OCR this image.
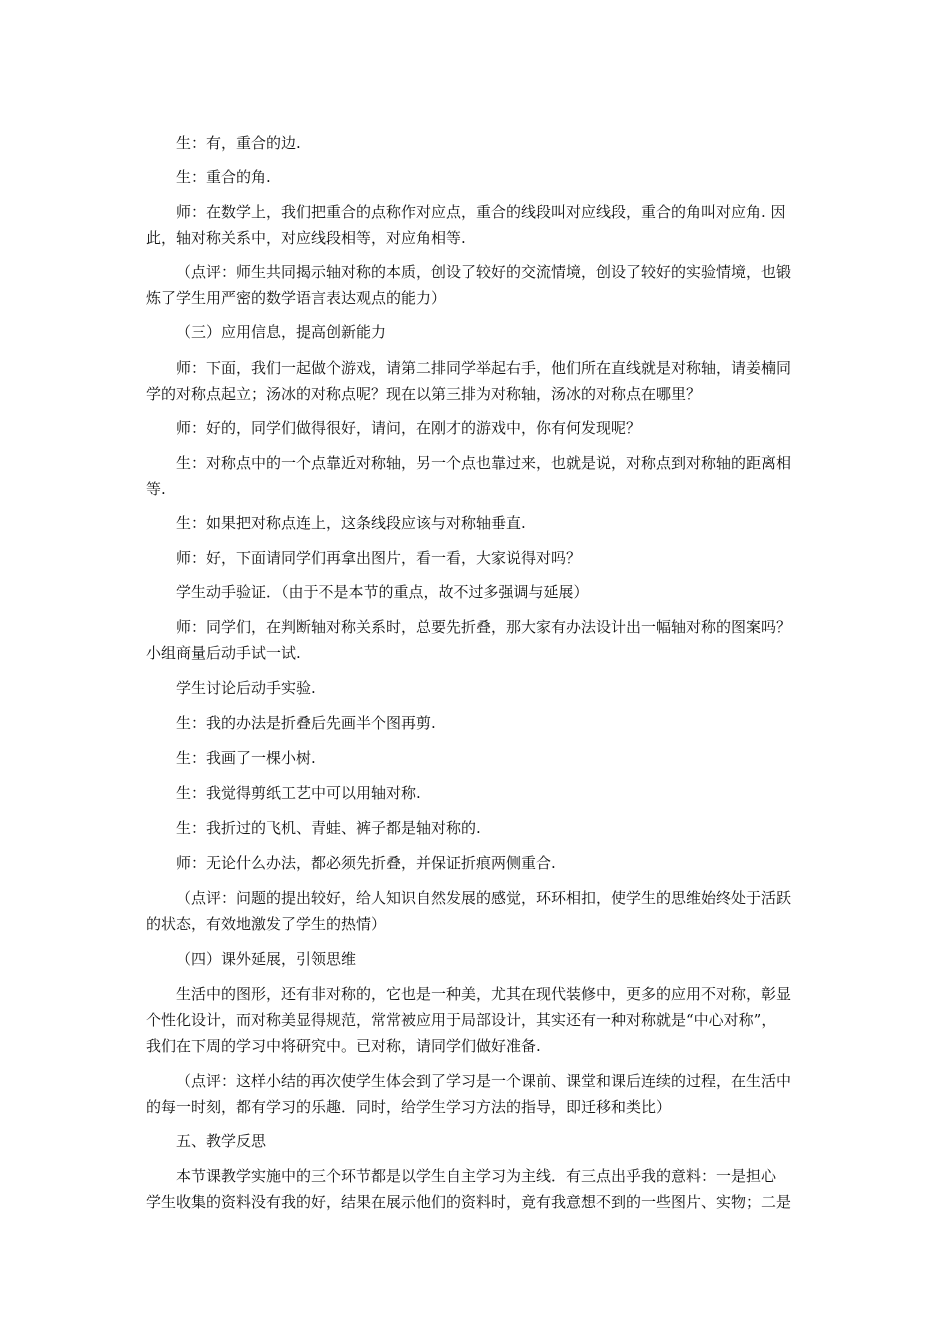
生：有，重合的边.
生：重合的角.
师：在数学上，我们把重合的点称作对应点，重合的线段叫对应线段，重合的角叫对应角. 因
此，轴对称关系中，对应线段相等，对应角相等.
（点评：师生共同揭示轴对称的本质，创设了较好的交流情境，创设了较好的实验情境，也锻
炼了学生用严密的数学语言表达观点的能力）
（三）应用信息，提高创新能力
师：下面，我们一起做个游戏，请第二排同学举起右手，他们所在直线就是对称轴，请姜楠同
学的对称点起立；汤冰的对称点呢？现在以第三排为对称轴，汤冰的对称点在哪里？
师：好的，同学们做得很好，请问，在刚才的游戏中，你有何发现呢？
生：对称点中的一个点靠近对称轴，另一个点也靠过来，也就是说，对称点到对称轴的距离相
等.
生：如果把对称点连上，这条线段应该与对称轴垂直.
师：好，下面请同学们再拿出图片，看一看，大家说得对吗？
学生动手验证．（由于不是本节的重点，故不过多强调与延展）
师：同学们，在判断轴对称关系时，总要先折叠，那大家有办法设计出一幅轴对称的图案吗？
小组商量后动手试一试.
学生讨论后动手实验.
生：我的办法是折叠后先画半个图再剪.
生：我画了一棵小树.
生：我觉得剪纸工艺中可以用轴对称.
生：我折过的飞机、青蛙、裤子都是轴对称的.
师：无论什么办法，都必须先折叠，并保证折痕两侧重合.
（点评：问题的提出较好，给人知识自然发展的感觉，环环相扣，使学生的思维始终处于活跃
的状态，有效地激发了学生的热情）
（四）课外延展，引领思维
生活中的图形，还有非对称的，它也是一种美，尤其在现代装修中，更多的应用不对称，彰显
个性化设计，而对称美显得规范，常常被应用于局部设计，其实还有一种对称就是“中心对称”，
我们在下周的学习中将研究中。已对称，请同学们做好准备.
（点评：这样小结的再次使学生体会到了学习是一个课前、课堂和课后连续的过程，在生活中
的每一时刻，都有学习的乐趣．同时，给学生学习方法的指导，即迁移和类比）
五、教学反思
本节课教学实施中的三个环节都是以学生自主学习为主线．有三点出乎我的意料：一是担心
学生收集的资料没有我的好，结果在展示他们的资料时，竟有我意想不到的一些图片、实物；二是
